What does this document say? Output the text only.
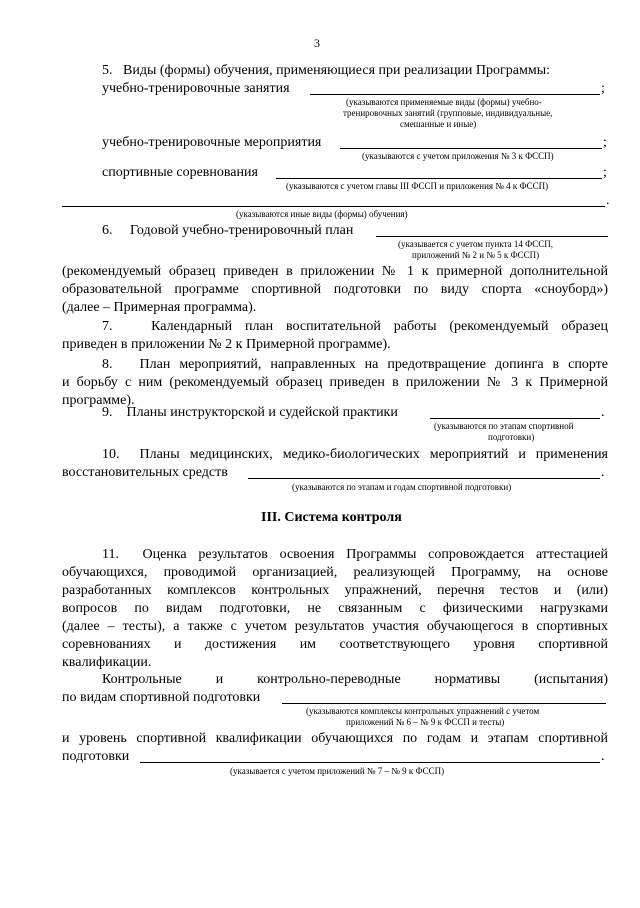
3
5.   Виды (формы) обучения, применяющиеся при реализации Программы:
учебно-тренировочные занятия	;
(указываются применяемые виды (формы) учебно-
тренировочных занятий (групповые, индивидуальные,
смешанные и иные)
учебно-тренировочные мероприятия	;
(указываются с учетом приложения № 3 к ФССП)
спортивные соревнования	;
(указываются с учетом главы III ФССП и приложения № 4 к ФССП)
.
(указываются иные виды (формы) обучения)
6.     Годовой учебно-тренировочный план
(указывается с учетом пункта 14 ФССП,
приложений № 2 и № 5 к ФССП)
(рекомендуемый образец приведен в приложении № 1 к примерной дополнительной
образовательной программе спортивной подготовки по виду спорта «сноуборд»)
(далее – Примерная программа).
7.   Календарный план воспитательной работы (рекомендуемый образец
приведен в приложении № 2 к Примерной программе).
8.   План мероприятий, направленных на предотвращение допинга в спорте
и борьбу с ним (рекомендуемый образец приведен в приложении № 3 к Примерной
программе).
9.    Планы инструкторской и судейской практики	.
(указываются по этапам спортивной
подготовки)
10.  Планы медицинских, медико-биологических мероприятий и применения
восстановительных средств	.
(указываются по этапам и годам спортивной подготовки)
III. Система контроля
11.  Оценка результатов освоения Программы сопровождается аттестацией
обучающихся, проводимой организацией, реализующей Программу, на основе
разработанных комплексов контрольных упражнений, перечня тестов и (или)
вопросов по видам подготовки, не связанным с физическими нагрузками
(далее – тесты), а также с учетом результатов участия обучающегося в спортивных
соревнованиях и достижения им соответствующего уровня спортивной
квалификации.
Контрольные и контрольно-переводные нормативы (испытания)
по видам спортивной подготовки
(указываются комплексы контрольных упражнений с учетом
приложений № 6 – № 9 к ФССП и тесты)
и уровень спортивной квалификации обучающихся по годам и этапам спортивной
подготовки	.
(указывается с учетом приложений № 7 – № 9 к ФССП)
